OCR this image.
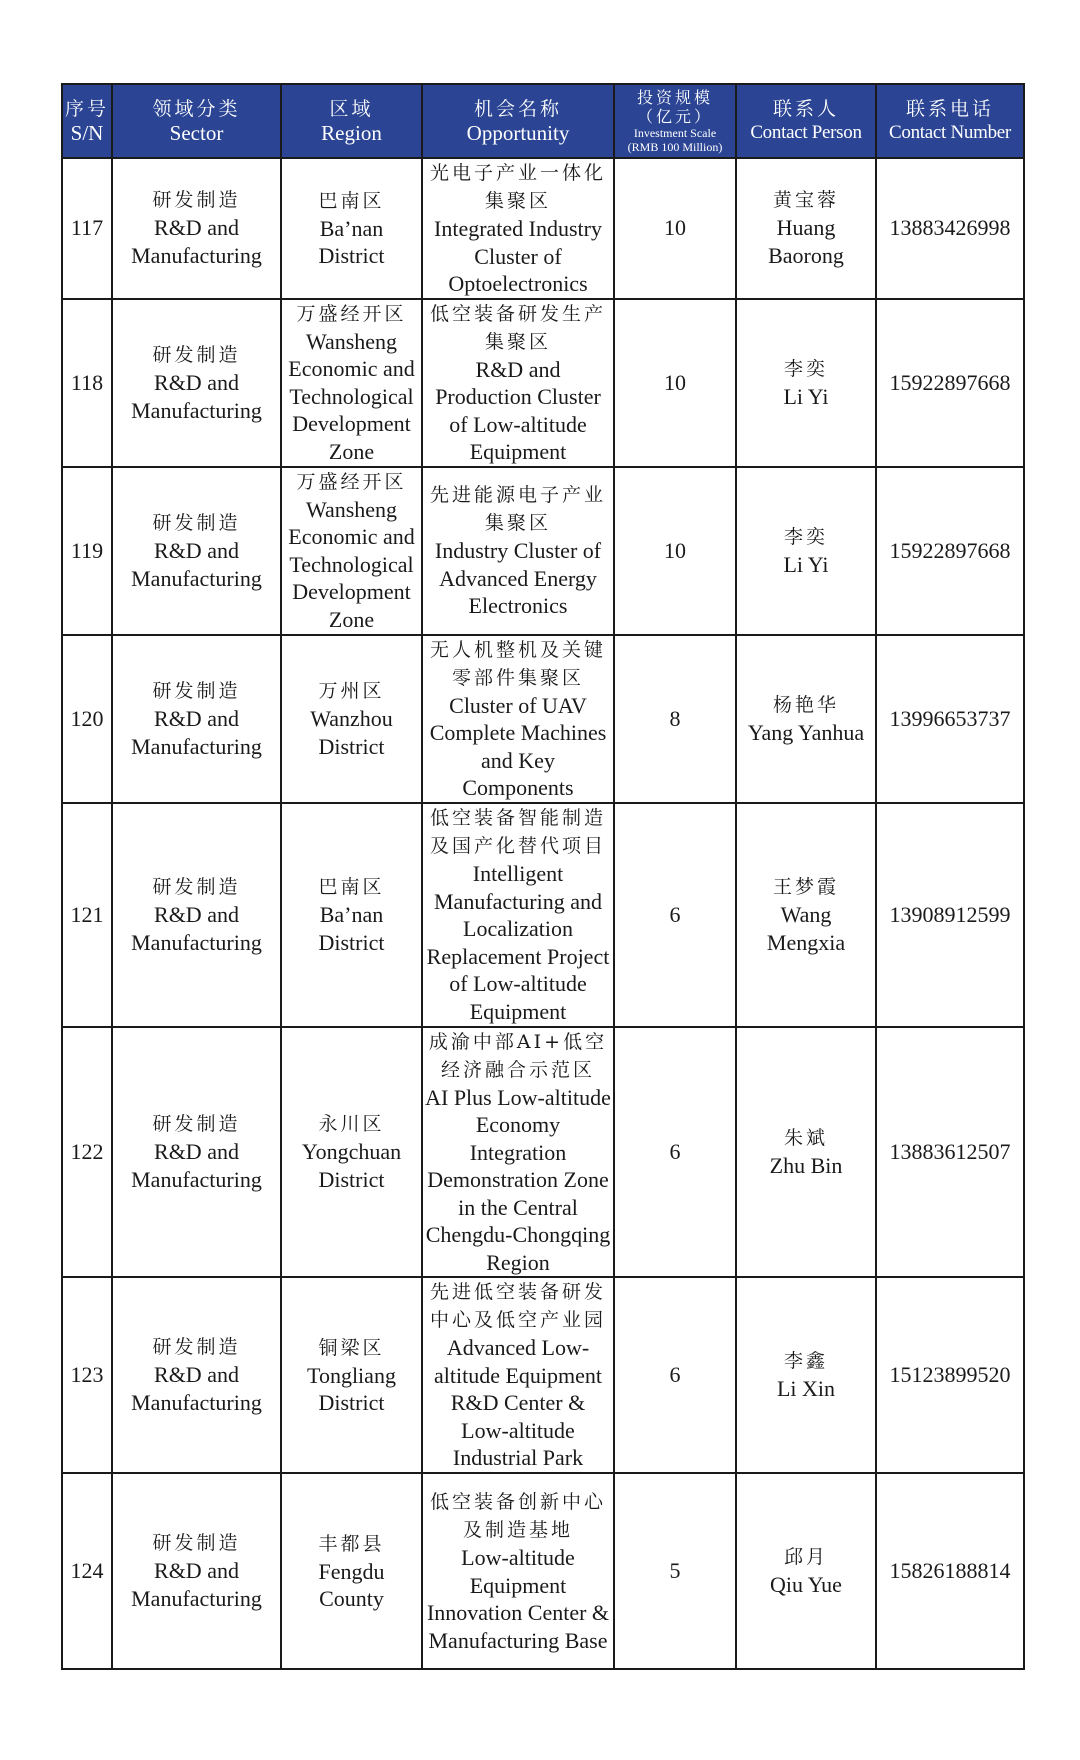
序号
S/N	领域分类
Sector	区域
Region	机会名称
Opportunity	投资规模
（亿元）
Investment Scale
(RMB 100 Million)	联系人
Contact Person	联系电话
Contact Number

117	研发制造
R&D and Manufacturing	巴南区
Ba’nan District	光电子产业一体化集聚区
Integrated Industry Cluster of Optoelectronics	10	黄宝蓉
Huang Baorong	13883426998
118	研发制造
R&D and Manufacturing	万盛经开区
Wansheng Economic and Technological Development Zone	低空装备研发生产集聚区
R&D and Production Cluster of Low-altitude Equipment	10	李奕
Li Yi	15922897668
119	研发制造
R&D and Manufacturing	万盛经开区
Wansheng Economic and Technological Development Zone	先进能源电子产业集聚区
Industry Cluster of Advanced Energy Electronics	10	李奕
Li Yi	15922897668
120	研发制造
R&D and Manufacturing	万州区
Wanzhou District	无人机整机及关键零部件集聚区
Cluster of UAV Complete Machines and Key Components	8	杨艳华
Yang Yanhua	13996653737
121	研发制造
R&D and Manufacturing	巴南区
Ba’nan District	低空装备智能制造及国产化替代项目
Intelligent Manufacturing and Localization Replacement Project of Low-altitude Equipment	6	王梦霞
Wang Mengxia	13908912599
122	研发制造
R&D and Manufacturing	永川区
Yongchuan District	成渝中部AI+低空经济融合示范区
AI Plus Low-altitude Economy Integration Demonstration Zone in the Central Chengdu-Chongqing Region	6	朱斌
Zhu Bin	13883612507
123	研发制造
R&D and Manufacturing	铜梁区
Tongliang District	先进低空装备研发中心及低空产业园
Advanced Low-altitude Equipment R&D Center & Low-altitude Industrial Park	6	李鑫
Li Xin	15123899520
124	研发制造
R&D and Manufacturing	丰都县
Fengdu County	低空装备创新中心及制造基地
Low-altitude Equipment Innovation Center & Manufacturing Base	5	邱月
Qiu Yue	15826188814
